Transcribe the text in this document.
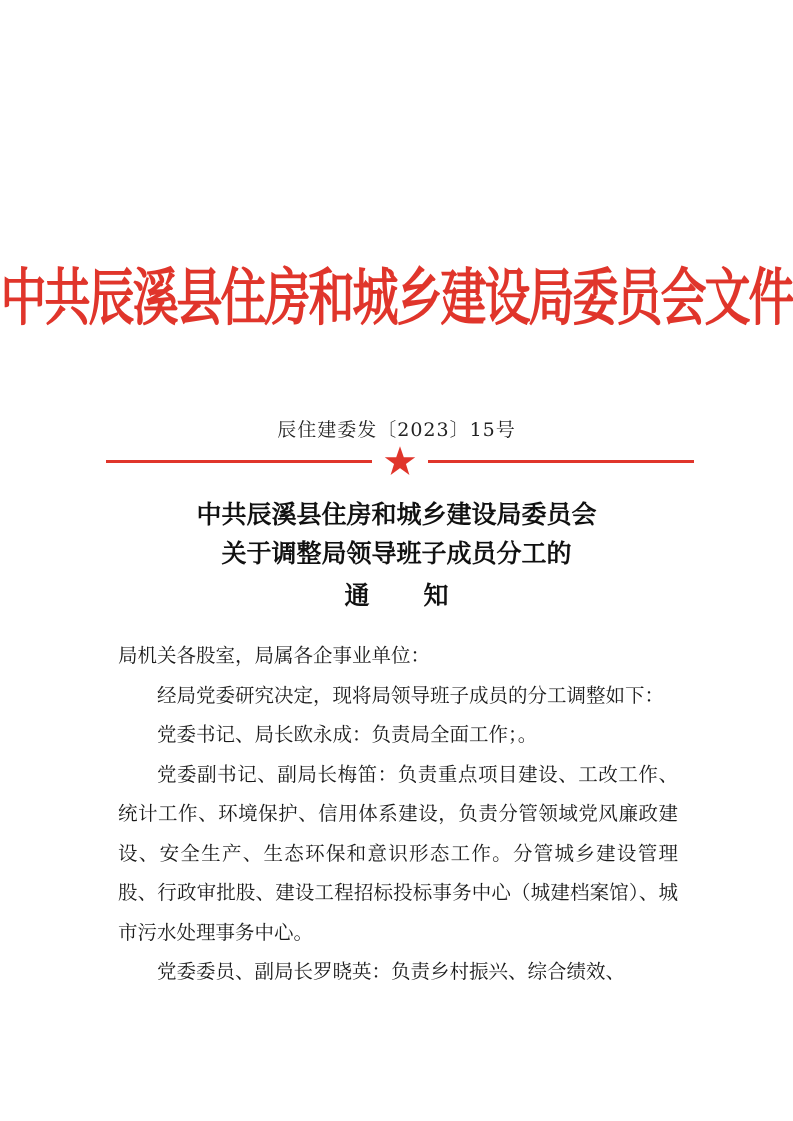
中共辰溪县住房和城乡建设局委员会文件
辰住建委发〔2023〕15号
中共辰溪县住房和城乡建设局委员会
关于调整局领导班子成员分工的
通 知

局机关各股室，局属各企事业单位：

经局党委研究决定，现将局领导班子成员的分工调整如下：

党委书记、局长欧永成：负责局全面工作；。

党委副书记、副局长梅笛：负责重点项目建设、工改工作、统计工作、环境保护、信用体系建设，负责分管领域党风廉政建设、安全生产、生态环保和意识形态工作。分管城乡建设管理股、行政审批股、建设工程招标投标事务中心（城建档案馆）、城市污水处理事务中心。

党委委员、副局长罗晓英：负责乡村振兴、综合绩效、
